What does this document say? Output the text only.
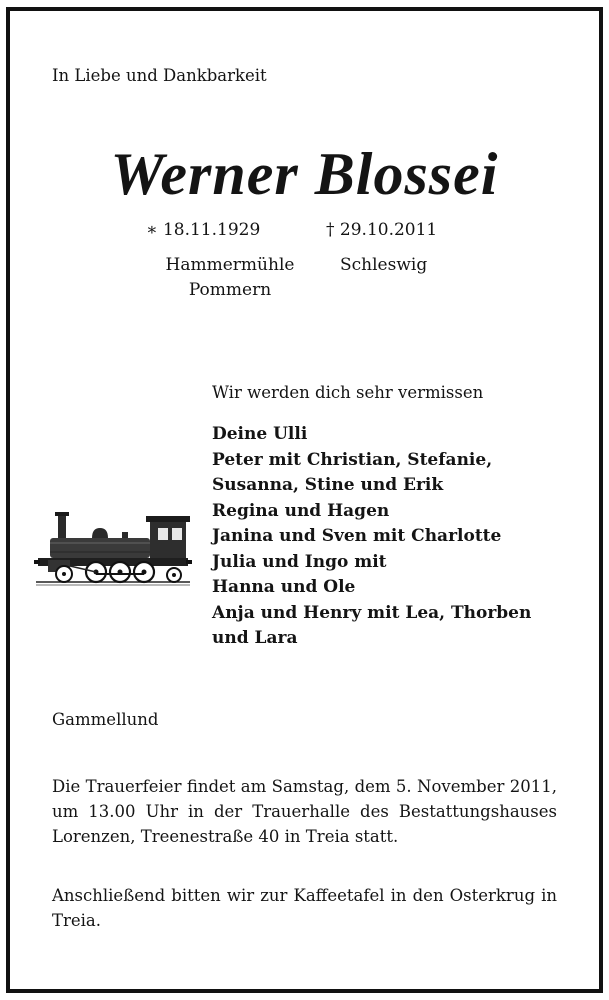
In Liebe und Dankbarkeit
Werner Blossei
∗ 18.11.1929	† 29.10.2011
Hammermühle
Pommern
Schleswig
Wir werden dich sehr vermissen
Deine Ulli
Peter mit Christian, Stefanie,
Susanna, Stine und Erik
Regina und Hagen
Janina und Sven mit Charlotte
Julia und Ingo mit
Hanna und Ole
Anja und Henry mit Lea, Thorben
und Lara
Gammellund

Die Trauerfeier findet am Samstag, dem 5. November 2011, um 13.00 Uhr in der Trauerhalle des Bestattungshauses Lorenzen, Treenestraße 40 in Treia statt.

Anschließend bitten wir zur Kaffeetafel in den Osterkrug in Treia.
